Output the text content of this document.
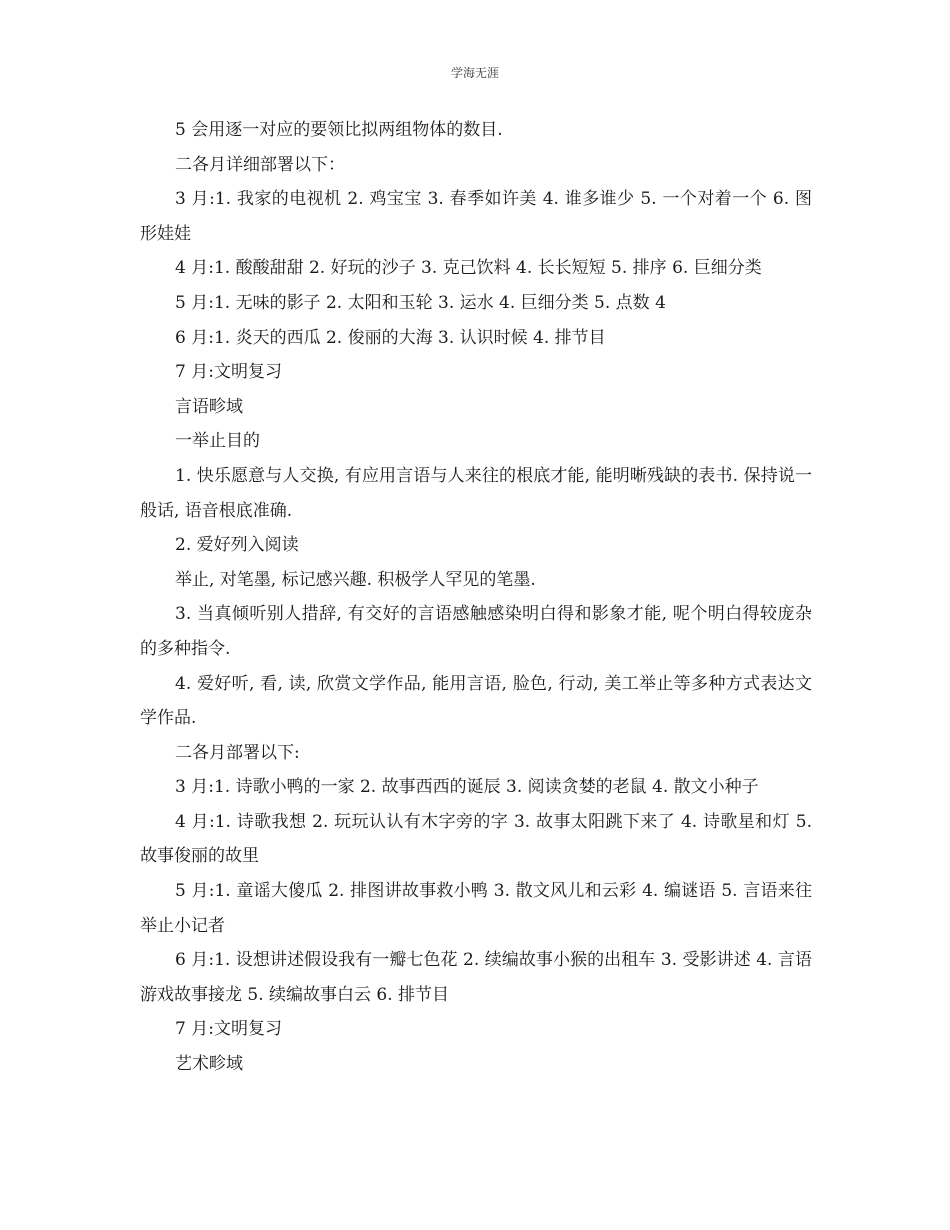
学海无涯

5 会用逐一对应的要领比拟两组物体的数目.

二各月详细部署以下：

3 月:1. 我家的电视机 2. 鸡宝宝 3. 春季如许美 4. 谁多谁少 5. 一个对着一个 6. 图形娃娃

4 月:1. 酸酸甜甜 2. 好玩的沙子 3. 克己饮料 4. 长长短短 5. 排序 6. 巨细分类

5 月:1. 无味的影子 2. 太阳和玉轮 3. 运水 4. 巨细分类 5. 点数 4

6 月:1. 炎天的西瓜 2. 俊丽的大海 3. 认识时候 4. 排节目

7 月:文明复习

言语畛域

一举止目的

1. 快乐愿意与人交换, 有应用言语与人来往的根底才能, 能明晰残缺的表书. 保持说一般话, 语音根底准确.

2. 爱好列入阅读

举止, 对笔墨, 标记感兴趣. 积极学人罕见的笔墨.

3. 当真倾听别人措辞, 有交好的言语感触感染明白得和影象才能, 呢个明白得较庞杂的多种指令.

4. 爱好听, 看, 读, 欣赏文学作品, 能用言语, 脸色, 行动, 美工举止等多种方式表达文学作品.

二各月部署以下:

3 月:1. 诗歌小鸭的一家 2. 故事西西的诞辰 3. 阅读贪婪的老鼠 4. 散文小种子

4 月:1. 诗歌我想 2. 玩玩认认有木字旁的字 3. 故事太阳跳下来了 4. 诗歌星和灯 5. 故事俊丽的故里

5 月:1. 童谣大傻瓜 2. 排图讲故事救小鸭 3. 散文风儿和云彩 4. 编谜语 5. 言语来往举止小记者

6 月:1. 设想讲述假设我有一瓣七色花 2. 续编故事小猴的出租车 3. 受影讲述 4. 言语游戏故事接龙 5. 续编故事白云 6. 排节目

7 月:文明复习

艺术畛域
